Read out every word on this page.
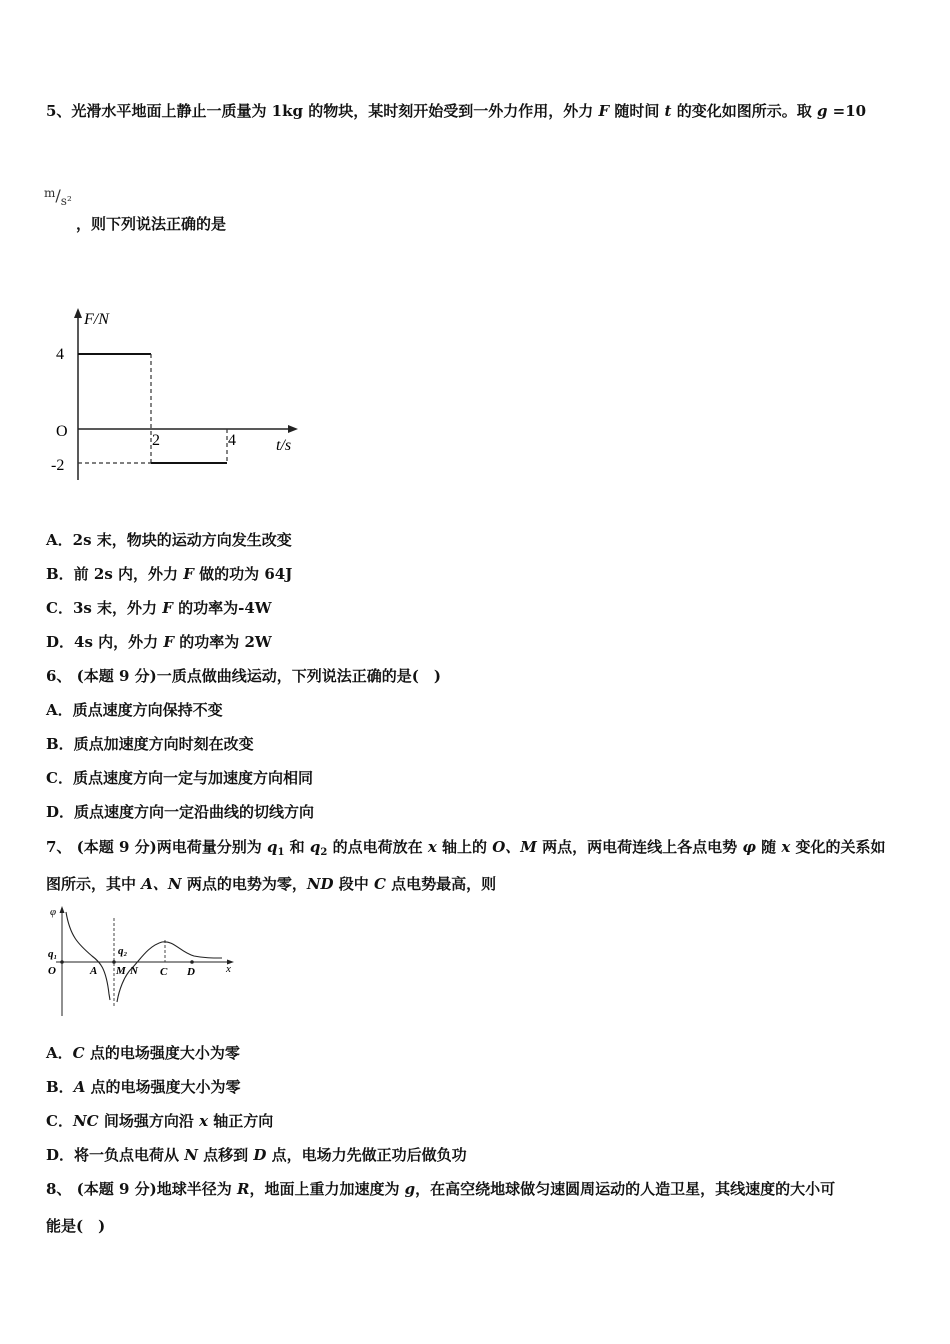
5、光滑水平地面上静止一质量为 1kg 的物块，某时刻开始受到一外力作用，外力 F 随时间 t 的变化如图所示。取 g =10
m/s²
，则下列说法正确的是
F/N
4
O
-2
2	4	t/s
A．2s 末，物块的运动方向发生改变
B．前 2s 内，外力 F 做的功为 64J
C．3s 末，外力 F 的功率为-4W
D．4s 内，外力 F 的功率为 2W
6、 (本题 9 分)一质点做曲线运动，下列说法正确的是(　)
A．质点速度方向保持不变
B．质点加速度方向时刻在改变
C．质点速度方向一定与加速度方向相同
D．质点速度方向一定沿曲线的切线方向
7、 (本题 9 分)两电荷量分别为 $q_1$ 和 $q_2$ 的点电荷放在 x 轴上的 O、M 两点，两电荷连线上各点电势 φ 随 x 变化的关系如
图所示，其中 A、N 两点的电势为零，ND 段中 C 点电势最高，则
φ
q₁	q₂
O	A M N C D	x
A．C 点的电场强度大小为零
B．A 点的电场强度大小为零
C．NC 间场强方向沿 x 轴正方向
D．将一负点电荷从 N 点移到 D 点，电场力先做正功后做负功
8、 (本题 9 分)地球半径为 R，地面上重力加速度为 g，在高空绕地球做匀速圆周运动的人造卫星，其线速度的大小可
能是(　)
